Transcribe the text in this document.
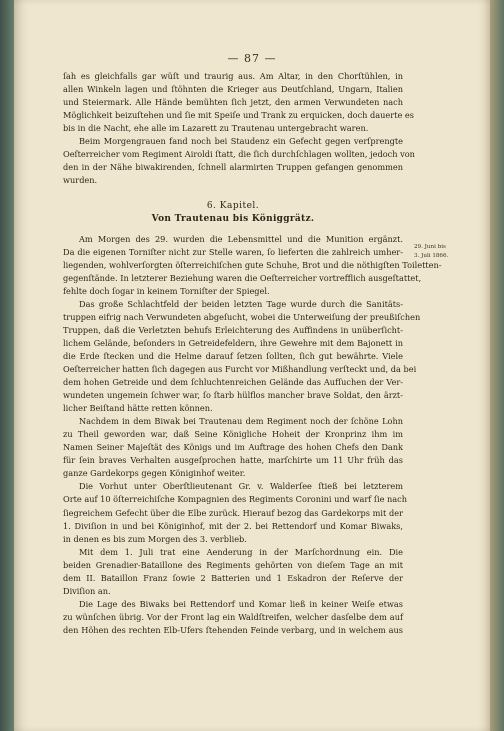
— 87 —
29. Juni bis
3. Juli 1866.
ſah es gleichfalls gar wüſt und traurig aus. Am Altar, in den Chorſtühlen, in
allen Winkeln lagen und ſtöhnten die Krieger aus Deutſchland, Ungarn, Italien
und Steiermark. Alle Hände bemühten ſich jetzt, den armen Verwundeten nach
Möglichkeit beizuſtehen und ſie mit Speiſe und Trank zu erquicken, doch dauerte es
bis in die Nacht, ehe alle im Lazarett zu Trautenau untergebracht waren.
Beim Morgengrauen fand noch bei Staudenz ein Gefecht gegen verſprengte
Oeſterreicher vom Regiment Airoldi ſtatt, die ſich durchſchlagen wollten, jedoch von
den in der Nähe biwakirenden, ſchnell alarmirten Truppen gefangen genommen
wurden.
6. Kapitel.
Von Trautenau bis Königgrätz.
Am Morgen des 29. wurden die Lebensmittel und die Munition ergänzt.
Da die eigenen Torniſter nicht zur Stelle waren, ſo lieferten die zahlreich umher-
liegenden, wohlverſorgten öſterreichiſchen gute Schuhe, Brot und die nöthigſten Toiletten-
gegenſtände. In letzterer Beziehung waren die Oeſterreicher vortrefflich ausgeſtattet,
fehlte doch ſogar in keinem Torniſter der Spiegel.
Das große Schlachtfeld der beiden letzten Tage wurde durch die Sanitäts-
truppen eifrig nach Verwundeten abgeſucht, wobei die Unterweiſung der preußiſchen
Truppen, daß die Verletzten behufs Erleichterung des Auffindens in unüberſicht-
lichem Gelände, beſonders in Getreidefeldern, ihre Gewehre mit dem Bajonett in
die Erde ſtecken und die Helme darauf ſetzen ſollten, ſich gut bewährte. Viele
Oeſterreicher hatten ſich dagegen aus Furcht vor Mißhandlung verſteckt und, da bei
dem hohen Getreide und dem ſchluchtenreichen Gelände das Aufſuchen der Ver-
wundeten ungemein ſchwer war, ſo ſtarb hülflos mancher brave Soldat, den ärzt-
licher Beiſtand hätte retten können.
Nachdem in dem Biwak bei Trautenau dem Regiment noch der ſchöne Lohn
zu Theil geworden war, daß Seine Königliche Hoheit der Kronprinz ihm im
Namen Seiner Majeſtät des Königs und im Auftrage des hohen Chefs den Dank
für ſein braves Verhalten ausgeſprochen hatte, marſchirte um 11 Uhr früh das
ganze Gardekorps gegen Königinhof weiter.
Die Vorhut unter Oberſtlieutenant Gr. v. Walderſee ſtieß bei letzterem
Orte auf 10 öſterreichiſche Kompagnien des Regiments Coronini und warf ſie nach
ſiegreichem Gefecht über die Elbe zurück. Hierauf bezog das Gardekorps mit der
1. Diviſion in und bei Königinhof, mit der 2. bei Rettendorf und Komar Biwaks,
in denen es bis zum Morgen des 3. verblieb.
Mit dem 1. Juli trat eine Aenderung in der Marſchordnung ein. Die
beiden Grenadier-Bataillone des Regiments gehörten von dieſem Tage an mit
dem II. Bataillon Franz ſowie 2 Batterien und 1 Eskadron der Reſerve der
Diviſion an.
Die Lage des Biwaks bei Rettendorf und Komar ließ in keiner Weiſe etwas
zu wünſchen übrig. Vor der Front lag ein Waldſtreifen, welcher dasſelbe dem auf
den Höhen des rechten Elb-Ufers ſtehenden Feinde verbarg, und in welchem aus
